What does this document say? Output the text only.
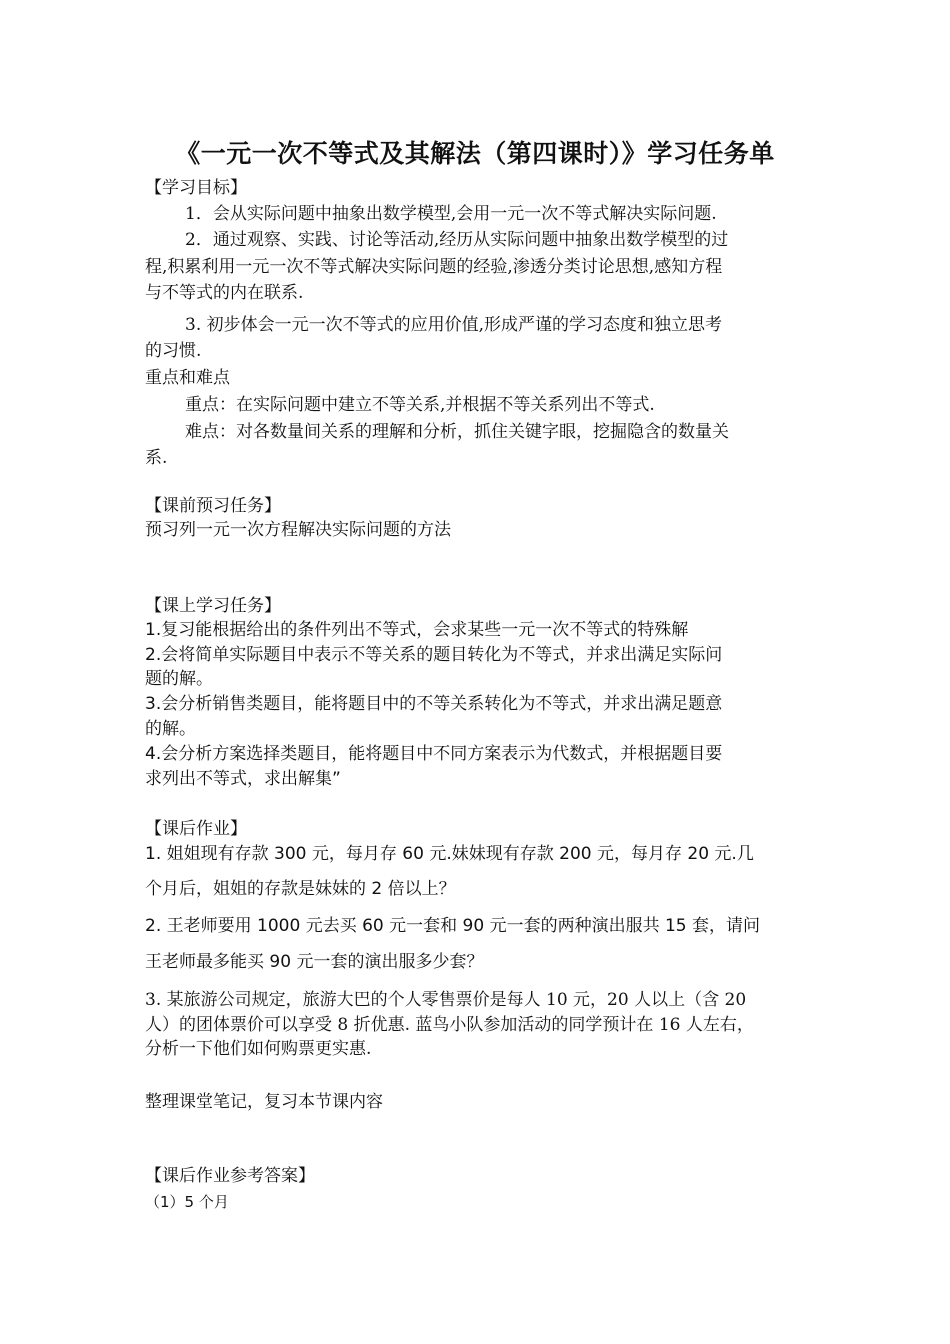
《一元一次不等式及其解法（第四课时）》学习任务单
【学习目标】
1．会从实际问题中抽象出数学模型,会用一元一次不等式解决实际问题.
2．通过观察、实践、讨论等活动,经历从实际问题中抽象出数学模型的过
程,积累利用一元一次不等式解决实际问题的经验,渗透分类讨论思想,感知方程
与不等式的内在联系.
3. 初步体会一元一次不等式的应用价值,形成严谨的学习态度和独立思考
的习惯.
重点和难点
重点：在实际问题中建立不等关系,并根据不等关系列出不等式.
难点：对各数量间关系的理解和分析，抓住关键字眼，挖掘隐含的数量关
系.
【课前预习任务】
预习列一元一次方程解决实际问题的方法
【课上学习任务】
1.复习能根据给出的条件列出不等式，会求某些一元一次不等式的特殊解
2.会将简单实际题目中表示不等关系的题目转化为不等式，并求出满足实际问
题的解。
3.会分析销售类题目，能将题目中的不等关系转化为不等式，并求出满足题意
的解。
4.会分析方案选择类题目，能将题目中不同方案表示为代数式，并根据题目要
求列出不等式，求出解集”
【课后作业】
1. 姐姐现有存款 300 元，每月存 60 元.妹妹现有存款 200 元，每月存 20 元.几
个月后，姐姐的存款是妹妹的 2 倍以上？
2. 王老师要用 1000 元去买 60 元一套和 90 元一套的两种演出服共 15 套，请问
王老师最多能买 90 元一套的演出服多少套？
3. 某旅游公司规定，旅游大巴的个人零售票价是每人 10 元，20 人以上（含 20
人）的团体票价可以享受 8 折优惠. 蓝鸟小队参加活动的同学预计在 16 人左右，
分析一下他们如何购票更实惠.
整理课堂笔记，复习本节课内容
【课后作业参考答案】
（1）5 个月
